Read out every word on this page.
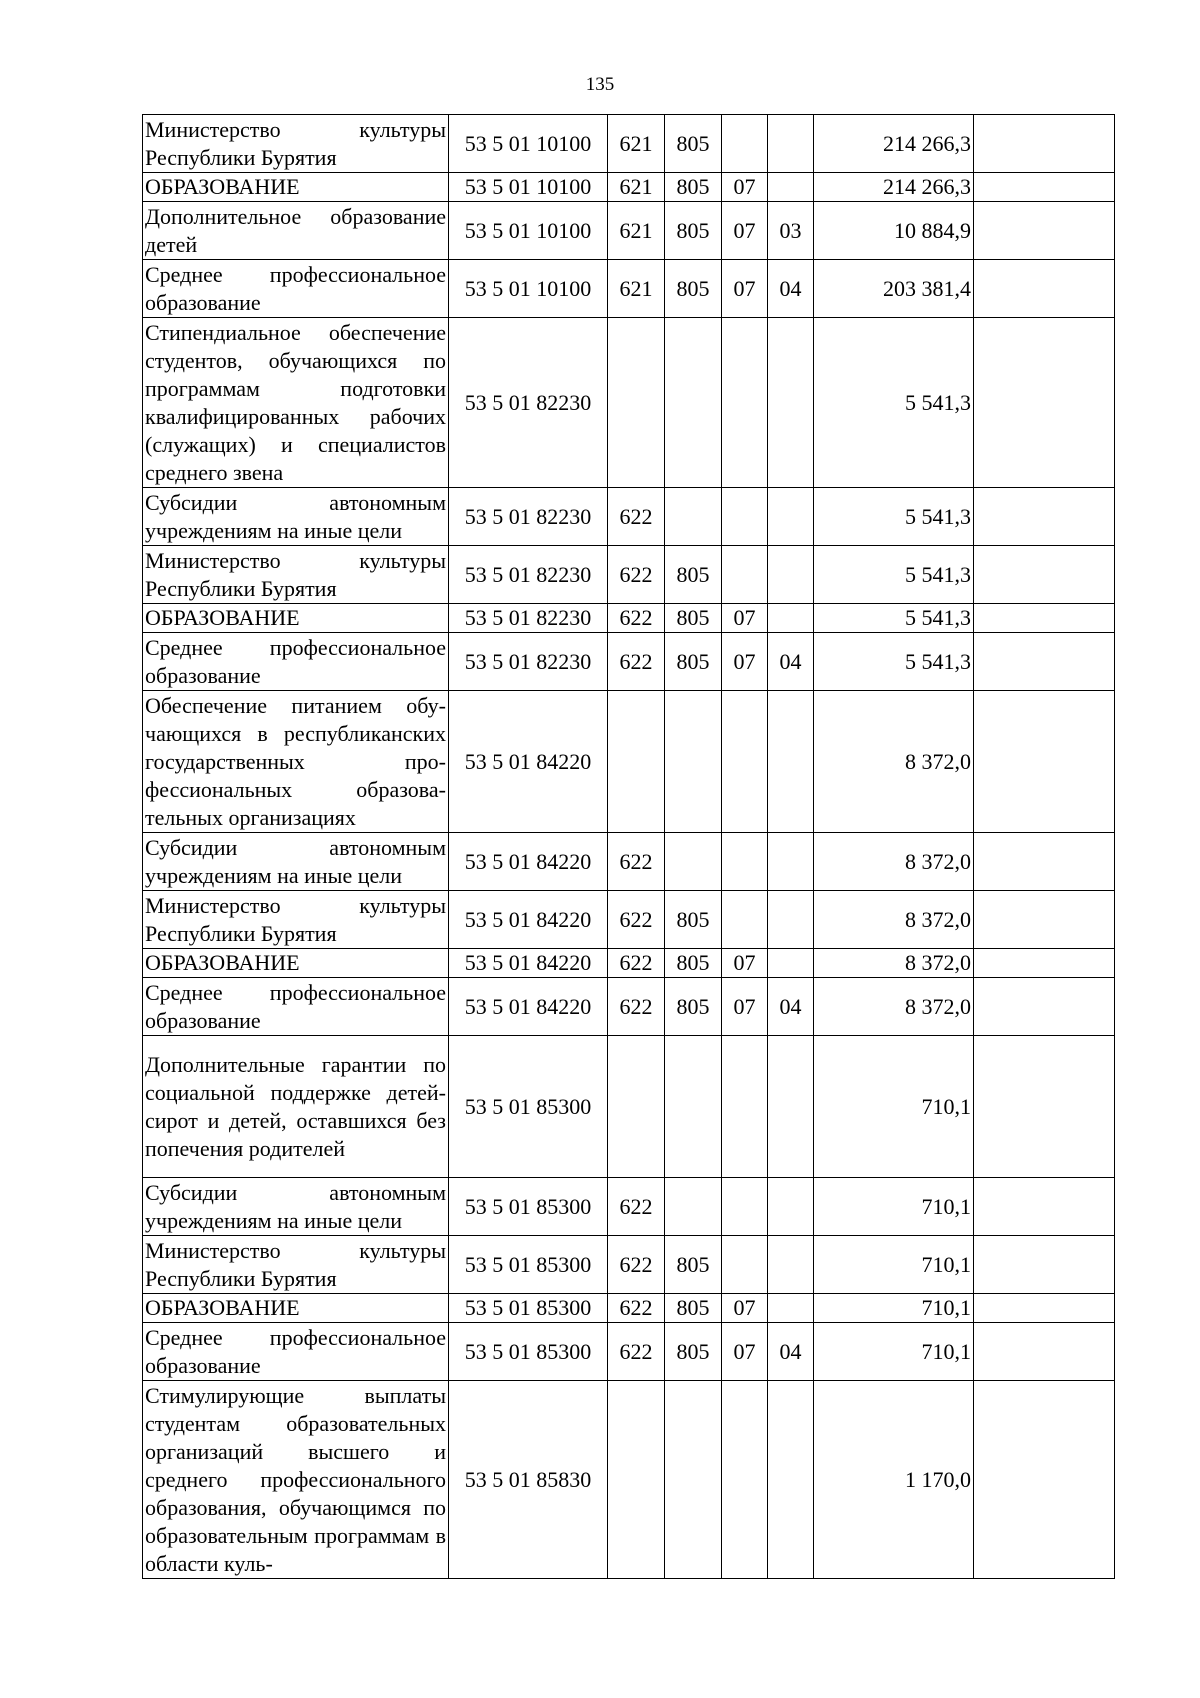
135
Министерство культуры Республики Бурятия	53 5 01 10100	621	805			214 266,3	
ОБРАЗОВАНИЕ	53 5 01 10100	621	805	07		214 266,3	
Дополнительное образование детей	53 5 01 10100	621	805	07	03	10 884,9	
Среднее профессиональное образование	53 5 01 10100	621	805	07	04	203 381,4	
Стипендиальное обеспечение студентов, обучающихся по программам подготовки квалифицированных рабочих (служащих) и специалистов среднего звена	53 5 01 82230					5 541,3	
Субсидии автономным учреждениям на иные цели	53 5 01 82230	622				5 541,3	
Министерство культуры Республики Бурятия	53 5 01 82230	622	805			5 541,3	
ОБРАЗОВАНИЕ	53 5 01 82230	622	805	07		5 541,3	
Среднее профессиональное образование	53 5 01 82230	622	805	07	04	5 541,3	
Обеспечение питанием обучающихся в республиканских государственных профессиональных образовательных организациях	53 5 01 84220					8 372,0	
Субсидии автономным учреждениям на иные цели	53 5 01 84220	622				8 372,0	
Министерство культуры Республики Бурятия	53 5 01 84220	622	805			8 372,0	
ОБРАЗОВАНИЕ	53 5 01 84220	622	805	07		8 372,0	
Среднее профессиональное образование	53 5 01 84220	622	805	07	04	8 372,0	
Дополнительные гарантии по социальной поддержке детей-сирот и детей, оставшихся без попечения родителей	53 5 01 85300					710,1	
Субсидии автономным учреждениям на иные цели	53 5 01 85300	622				710,1	
Министерство культуры Республики Бурятия	53 5 01 85300	622	805			710,1	
ОБРАЗОВАНИЕ	53 5 01 85300	622	805	07		710,1	
Среднее профессиональное образование	53 5 01 85300	622	805	07	04	710,1	
Стимулирующие выплаты студентам образовательных организаций высшего и среднего профессионального образования, обучающимся по образовательным программам в области куль-	53 5 01 85830					1 170,0	
